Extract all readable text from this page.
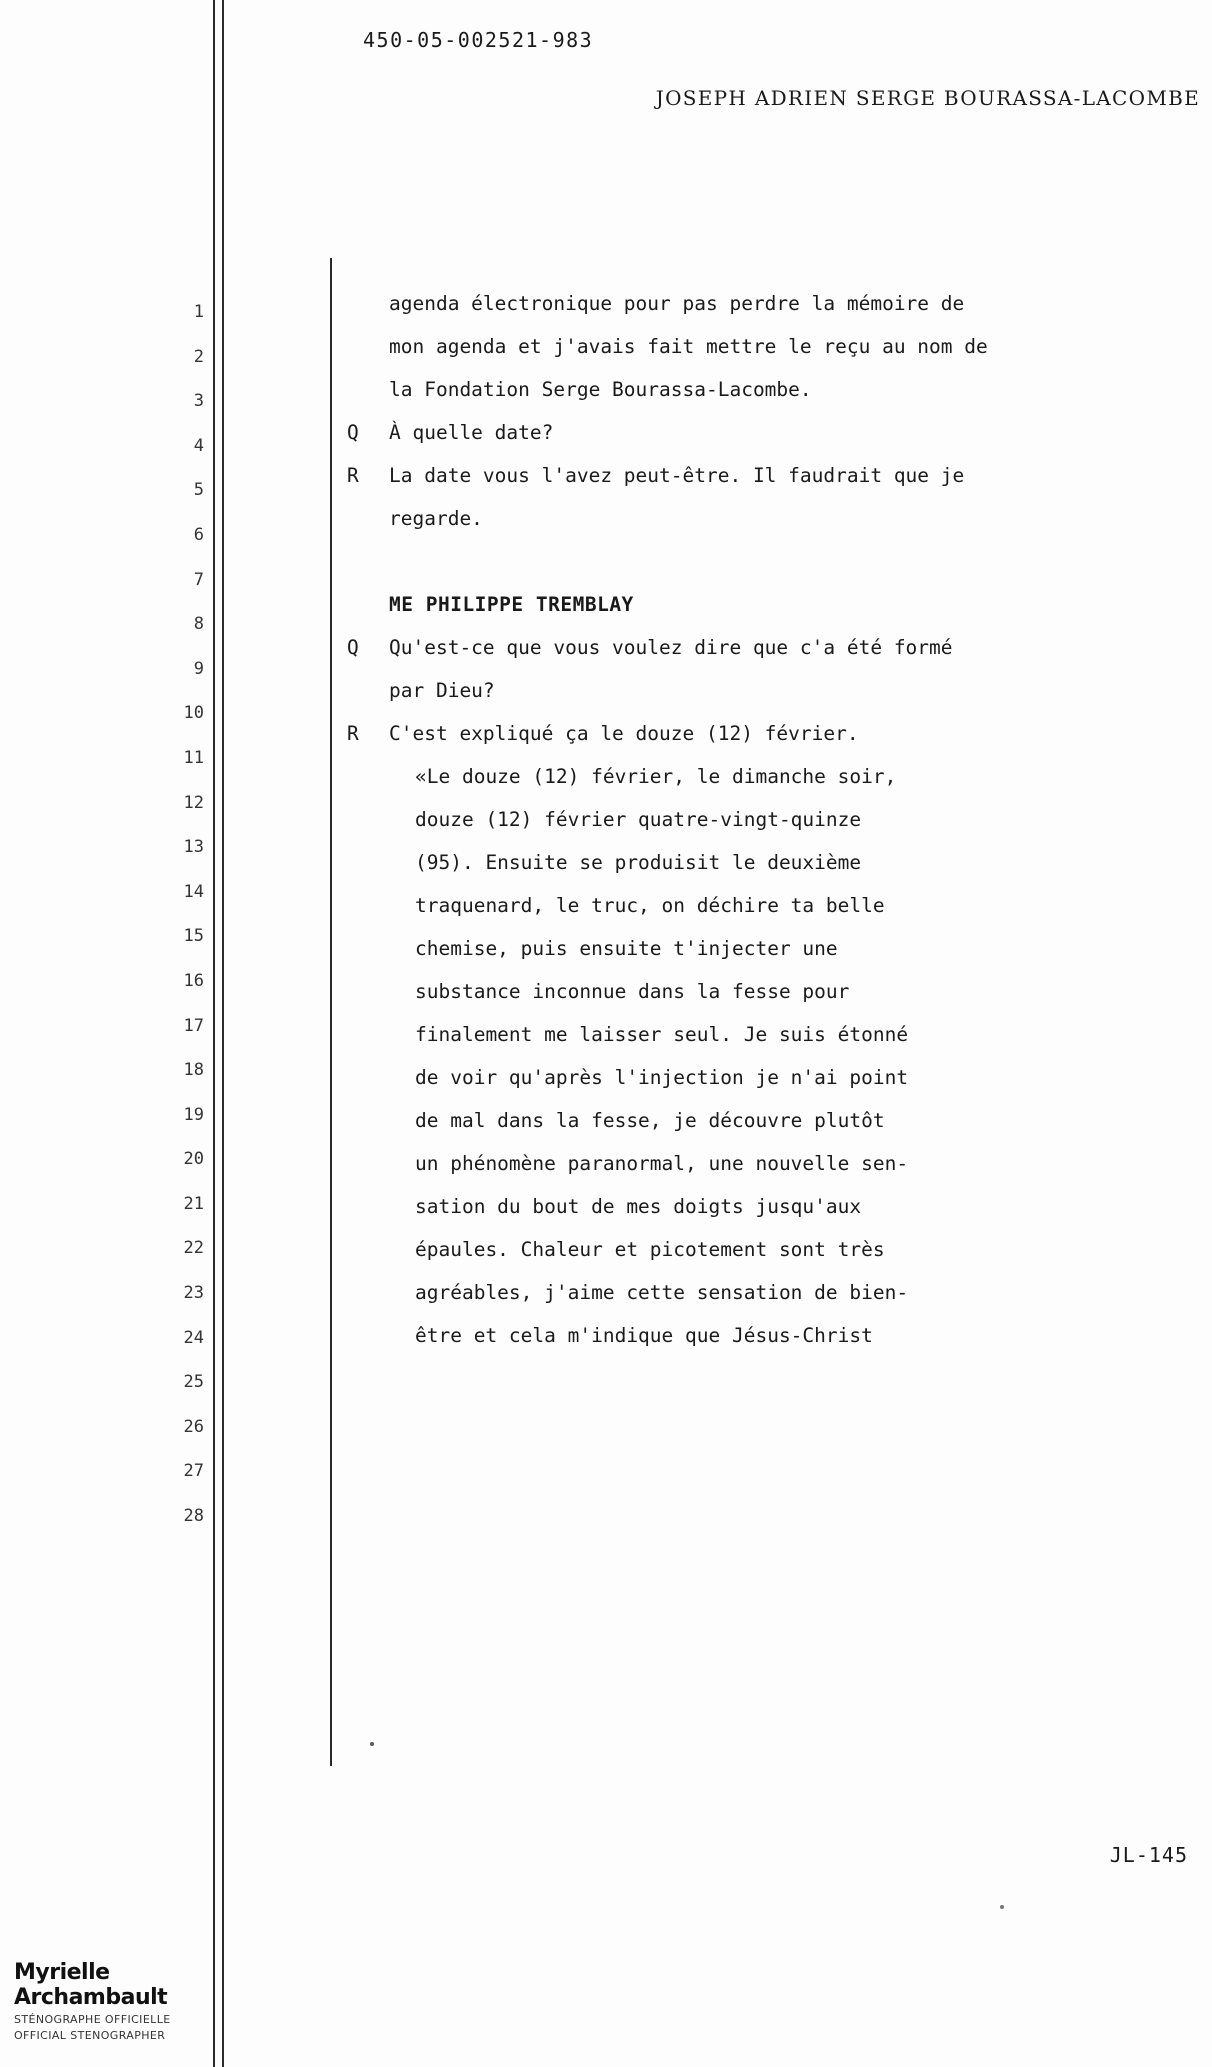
450-05-002521-983
JOSEPH ADRIEN SERGE BOURASSA-LACOMBE
1
2
3
4
5
6
7
8
9
10
11
12
13
14
15
16
17
18
19
20
21
22
23
24
25
26
27
28
agenda électronique pour pas perdre la mémoire de
mon agenda et j'avais fait mettre le reçu au nom de
la Fondation Serge Bourassa-Lacombe.
Q	À quelle date?
R	La date vous l'avez peut-être. Il faudrait que je
regarde.
ME PHILIPPE TREMBLAY
Q	Qu'est-ce que vous voulez dire que c'a été formé
par Dieu?
R	C'est expliqué ça le douze (12) février.
«Le douze (12) février, le dimanche soir,
douze (12) février quatre-vingt-quinze
(95). Ensuite se produisit le deuxième
traquenard, le truc, on déchire ta belle
chemise, puis ensuite t'injecter une
substance inconnue dans la fesse pour
finalement me laisser seul. Je suis étonné
de voir qu'après l'injection je n'ai point
de mal dans la fesse, je découvre plutôt
un phénomène paranormal, une nouvelle sen-
sation du bout de mes doigts jusqu'aux
épaules. Chaleur et picotement sont très
agréables, j'aime cette sensation de bien-
être et cela m'indique que Jésus-Christ
JL-145
Myrielle Archambault
STÉNOGRAPHE OFFICIELLE
OFFICIAL STENOGRAPHER
